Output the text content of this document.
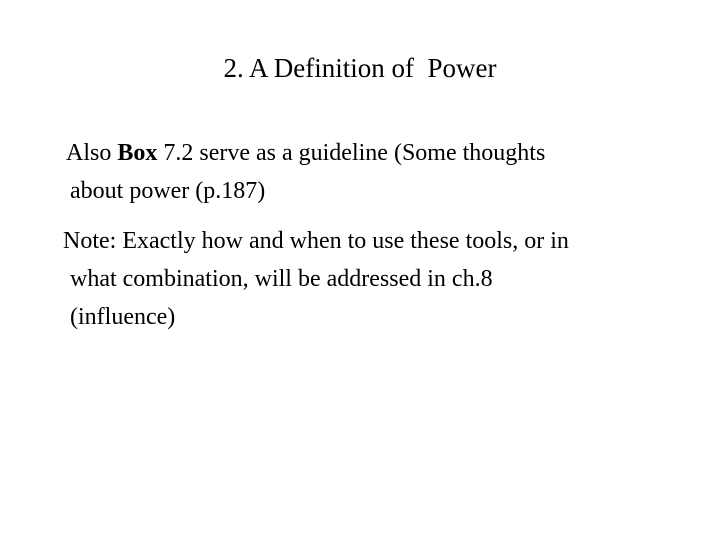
2. A Definition of  Power
Also Box 7.2 serve as a guideline (Some thoughts
about power (p.187)
Note: Exactly how and when to use these tools, or in
what combination, will be addressed in ch.8
(influence)
